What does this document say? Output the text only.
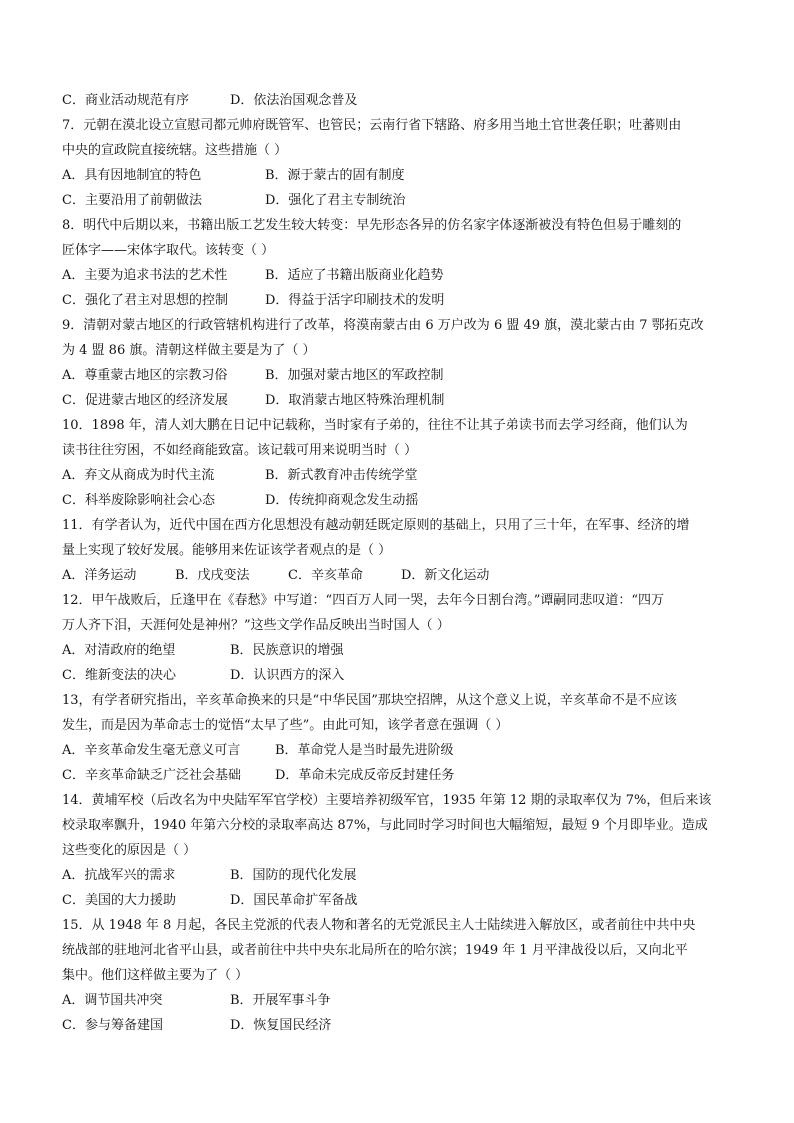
C．商业活动规范有序	D．依法治国观念普及
7．元朝在漠北设立宣慰司都元帅府既管军、也管民；云南行省下辖路、府多用当地土官世袭任职；吐蕃则由
中央的宣政院直接统辖。这些措施（ ）
A．具有因地制宜的特色	B．源于蒙古的固有制度
C．主要沿用了前朝做法	D．强化了君主专制统治
8．明代中后期以来，书籍出版工艺发生较大转变：早先形态各异的仿名家字体逐渐被没有特色但易于雕刻的
匠体字——宋体字取代。该转变（ ）
A．主要为追求书法的艺术性	B．适应了书籍出版商业化趋势
C．强化了君主对思想的控制	D．得益于活字印刷技术的发明
9．清朝对蒙古地区的行政管辖机构进行了改革，将漠南蒙古由 6 万户改为 6 盟 49 旗，漠北蒙古由 7 鄂拓克改
为 4 盟 86 旗。清朝这样做主要是为了（ ）
A．尊重蒙古地区的宗教习俗	B．加强对蒙古地区的军政控制
C．促进蒙古地区的经济发展	D．取消蒙古地区特殊治理机制
10．1898 年，清人刘大鹏在日记中记载称，当时家有子弟的，往往不让其子弟读书而去学习经商，他们认为
读书往往穷困，不如经商能致富。该记载可用来说明当时（ ）
A．弃文从商成为时代主流	B．新式教育冲击传统学堂
C．科举废除影响社会心态	D．传统抑商观念发生动摇
11．有学者认为，近代中国在西方化思想没有越动朝廷既定原则的基础上，只用了三十年，在军事、经济的增
量上实现了较好发展。能够用来佐证该学者观点的是（ ）
A．洋务运动	B．戊戌变法	C．辛亥革命	D．新文化运动
12．甲午战败后，丘逢甲在《春愁》中写道：“四百万人同一哭，去年今日割台湾。”谭嗣同悲叹道：“四万
万人齐下泪，天涯何处是神州？”这些文学作品反映出当时国人（ ）
A．对清政府的绝望	B．民族意识的增强
C．维新变法的决心	D．认识西方的深入
13，有学者研究指出，辛亥革命换来的只是“中华民国”那块空招牌，从这个意义上说，辛亥革命不是不应该
发生，而是因为革命志士的觉悟“太早了些”。由此可知，该学者意在强调（ ）
A．辛亥革命发生毫无意义可言	B．革命党人是当时最先进阶级
C．辛亥革命缺乏广泛社会基础	D．革命未完成反帝反封建任务
14．黄埔军校（后改名为中央陆军军官学校）主要培养初级军官，1935 年第 12 期的录取率仅为 7%，但后来该
校录取率飘升，1940 年第六分校的录取率高达 87%，与此同时学习时间也大幅缩短，最短 9 个月即毕业。造成
这些变化的原因是（ ）
A．抗战军兴的需求	B．国防的现代化发展
C．美国的大力援助	D．国民革命扩军备战
15．从 1948 年 8 月起，各民主党派的代表人物和著名的无党派民主人士陆续进入解放区，或者前往中共中央
统战部的驻地河北省平山县，或者前往中共中央东北局所在的哈尔滨；1949 年 1 月平津战役以后，又向北平
集中。他们这样做主要为了（ ）
A．调节国共冲突	B．开展军事斗争
C．参与筹备建国	D．恢复国民经济
